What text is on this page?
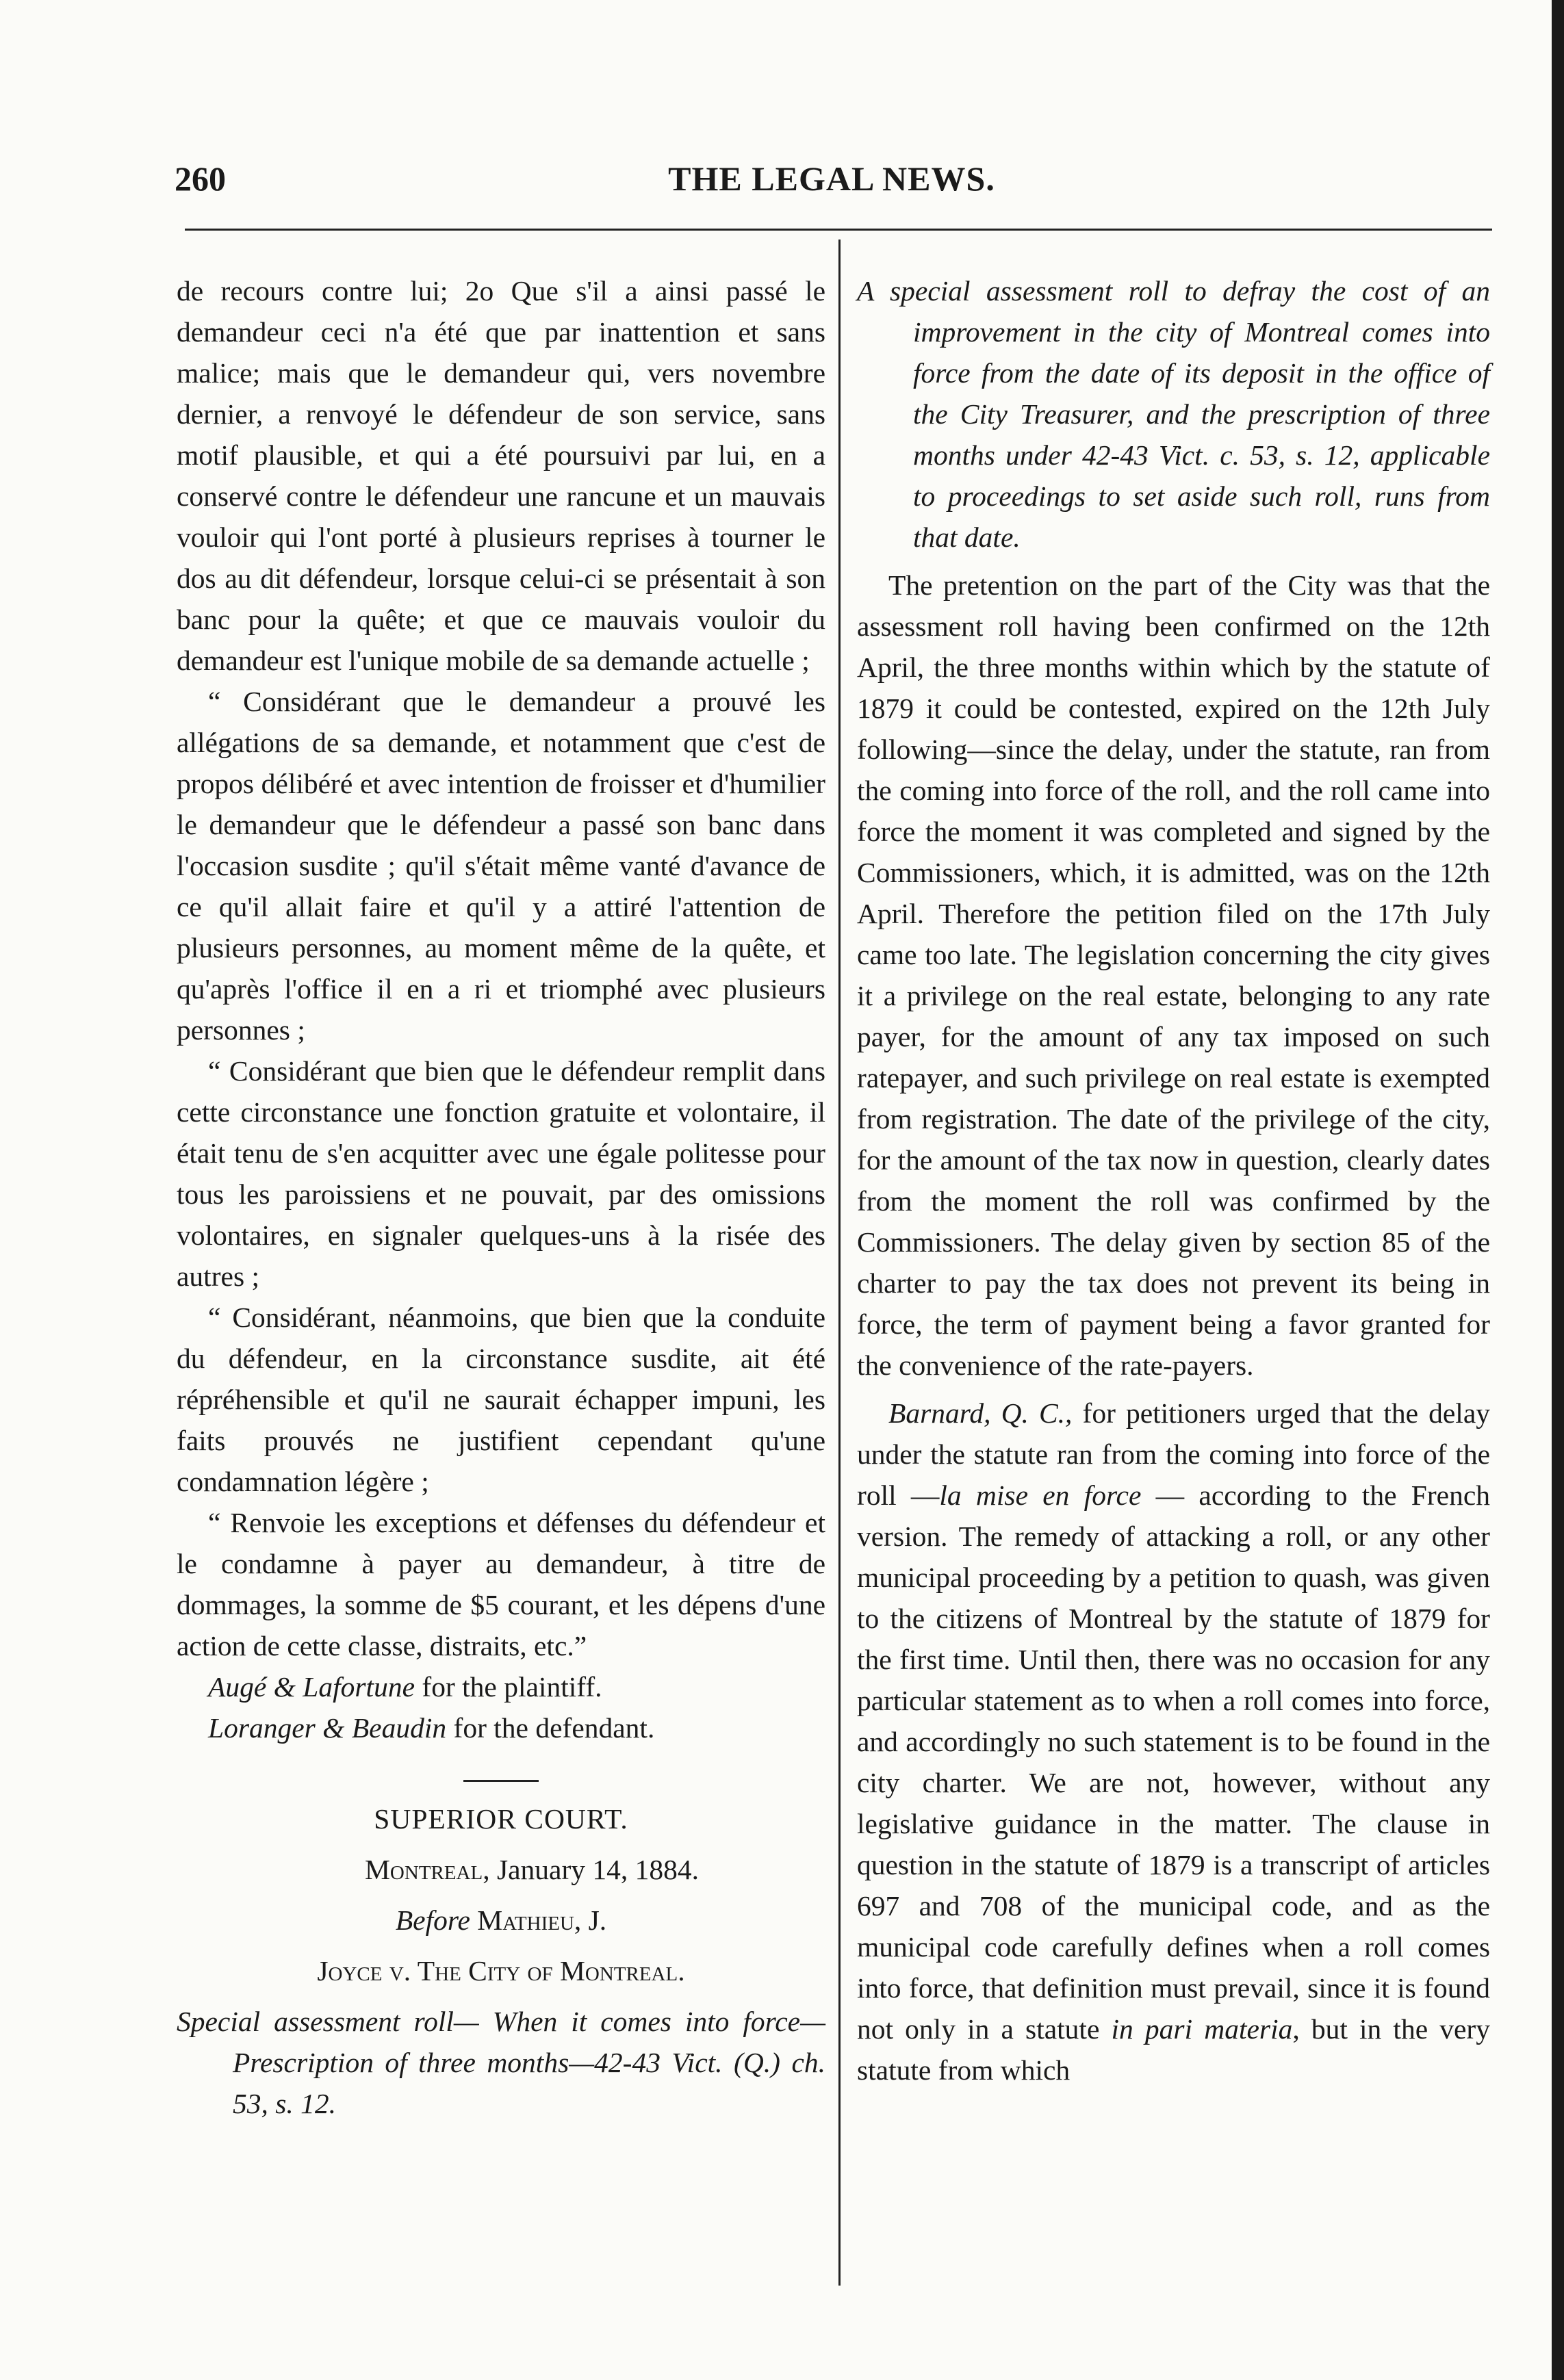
260	THE LEGAL NEWS.

de recours contre lui; 2o Que s'il a ainsi passé le demandeur ceci n'a été que par inattention et sans malice; mais que le demandeur qui, vers novembre dernier, a renvoyé le défendeur de son service, sans motif plausible, et qui a été poursuivi par lui, en a conservé contre le défendeur une rancune et un mauvais vouloir qui l'ont porté à plusieurs reprises à tourner le dos au dit défendeur, lorsque celui-ci se présentait à son banc pour la quête; et que ce mauvais vouloir du demandeur est l'unique mobile de sa demande actuelle ;

“ Considérant que le demandeur a prouvé les allégations de sa demande, et notamment que c'est de propos délibéré et avec intention de froisser et d'humilier le demandeur que le défendeur a passé son banc dans l'occasion susdite ; qu'il s'était même vanté d'avance de ce qu'il allait faire et qu'il y a attiré l'attention de plusieurs personnes, au moment même de la quête, et qu'après l'office il en a ri et triomphé avec plusieurs personnes ;

“ Considérant que bien que le défendeur remplit dans cette circonstance une fonction gratuite et volontaire, il était tenu de s'en acquitter avec une égale politesse pour tous les paroissiens et ne pouvait, par des omissions volontaires, en signaler quelques-uns à la risée des autres ;

“ Considérant, néanmoins, que bien que la conduite du défendeur, en la circonstance susdite, ait été répréhensible et qu'il ne saurait échapper impuni, les faits prouvés ne justifient cependant qu'une condamnation légère ;

“ Renvoie les exceptions et défenses du défendeur et le condamne à payer au demandeur, à titre de dommages, la somme de $5 courant, et les dépens d'une action de cette classe, distraits, etc.”

Augé & Lafortune for the plaintiff.

Loranger & Beaudin for the defendant.

SUPERIOR COURT.

Montreal, January 14, 1884.

Before Mathieu, J.

Joyce v. The City of Montreal.

Special assessment roll— When it comes into force—Prescription of three months—42-43 Vict. (Q.) ch. 53, s. 12.

A special assessment roll to defray the cost of an improvement in the city of Montreal comes into force from the date of its deposit in the office of the City Treasurer, and the prescription of three months under 42-43 Vict. c. 53, s. 12, applicable to proceedings to set aside such roll, runs from that date.

The pretention on the part of the City was that the assessment roll having been confirmed on the 12th April, the three months within which by the statute of 1879 it could be contested, expired on the 12th July following—since the delay, under the statute, ran from the coming into force of the roll, and the roll came into force the moment it was completed and signed by the Commissioners, which, it is admitted, was on the 12th April. Therefore the petition filed on the 17th July came too late. The legislation concerning the city gives it a privilege on the real estate, belonging to any rate payer, for the amount of any tax imposed on such ratepayer, and such privilege on real estate is exempted from registration. The date of the privilege of the city, for the amount of the tax now in question, clearly dates from the moment the roll was confirmed by the Commissioners. The delay given by section 85 of the charter to pay the tax does not prevent its being in force, the term of payment being a favor granted for the convenience of the rate-payers.

Barnard, Q. C., for petitioners urged that the delay under the statute ran from the coming into force of the roll —la mise en force — according to the French version. The remedy of attacking a roll, or any other municipal proceeding by a petition to quash, was given to the citizens of Montreal by the statute of 1879 for the first time. Until then, there was no occasion for any particular statement as to when a roll comes into force, and accordingly no such statement is to be found in the city charter. We are not, however, without any legislative guidance in the matter. The clause in question in the statute of 1879 is a transcript of articles 697 and 708 of the municipal code, and as the municipal code carefully defines when a roll comes into force, that definition must prevail, since it is found not only in a statute in pari materia, but in the very statute from which
